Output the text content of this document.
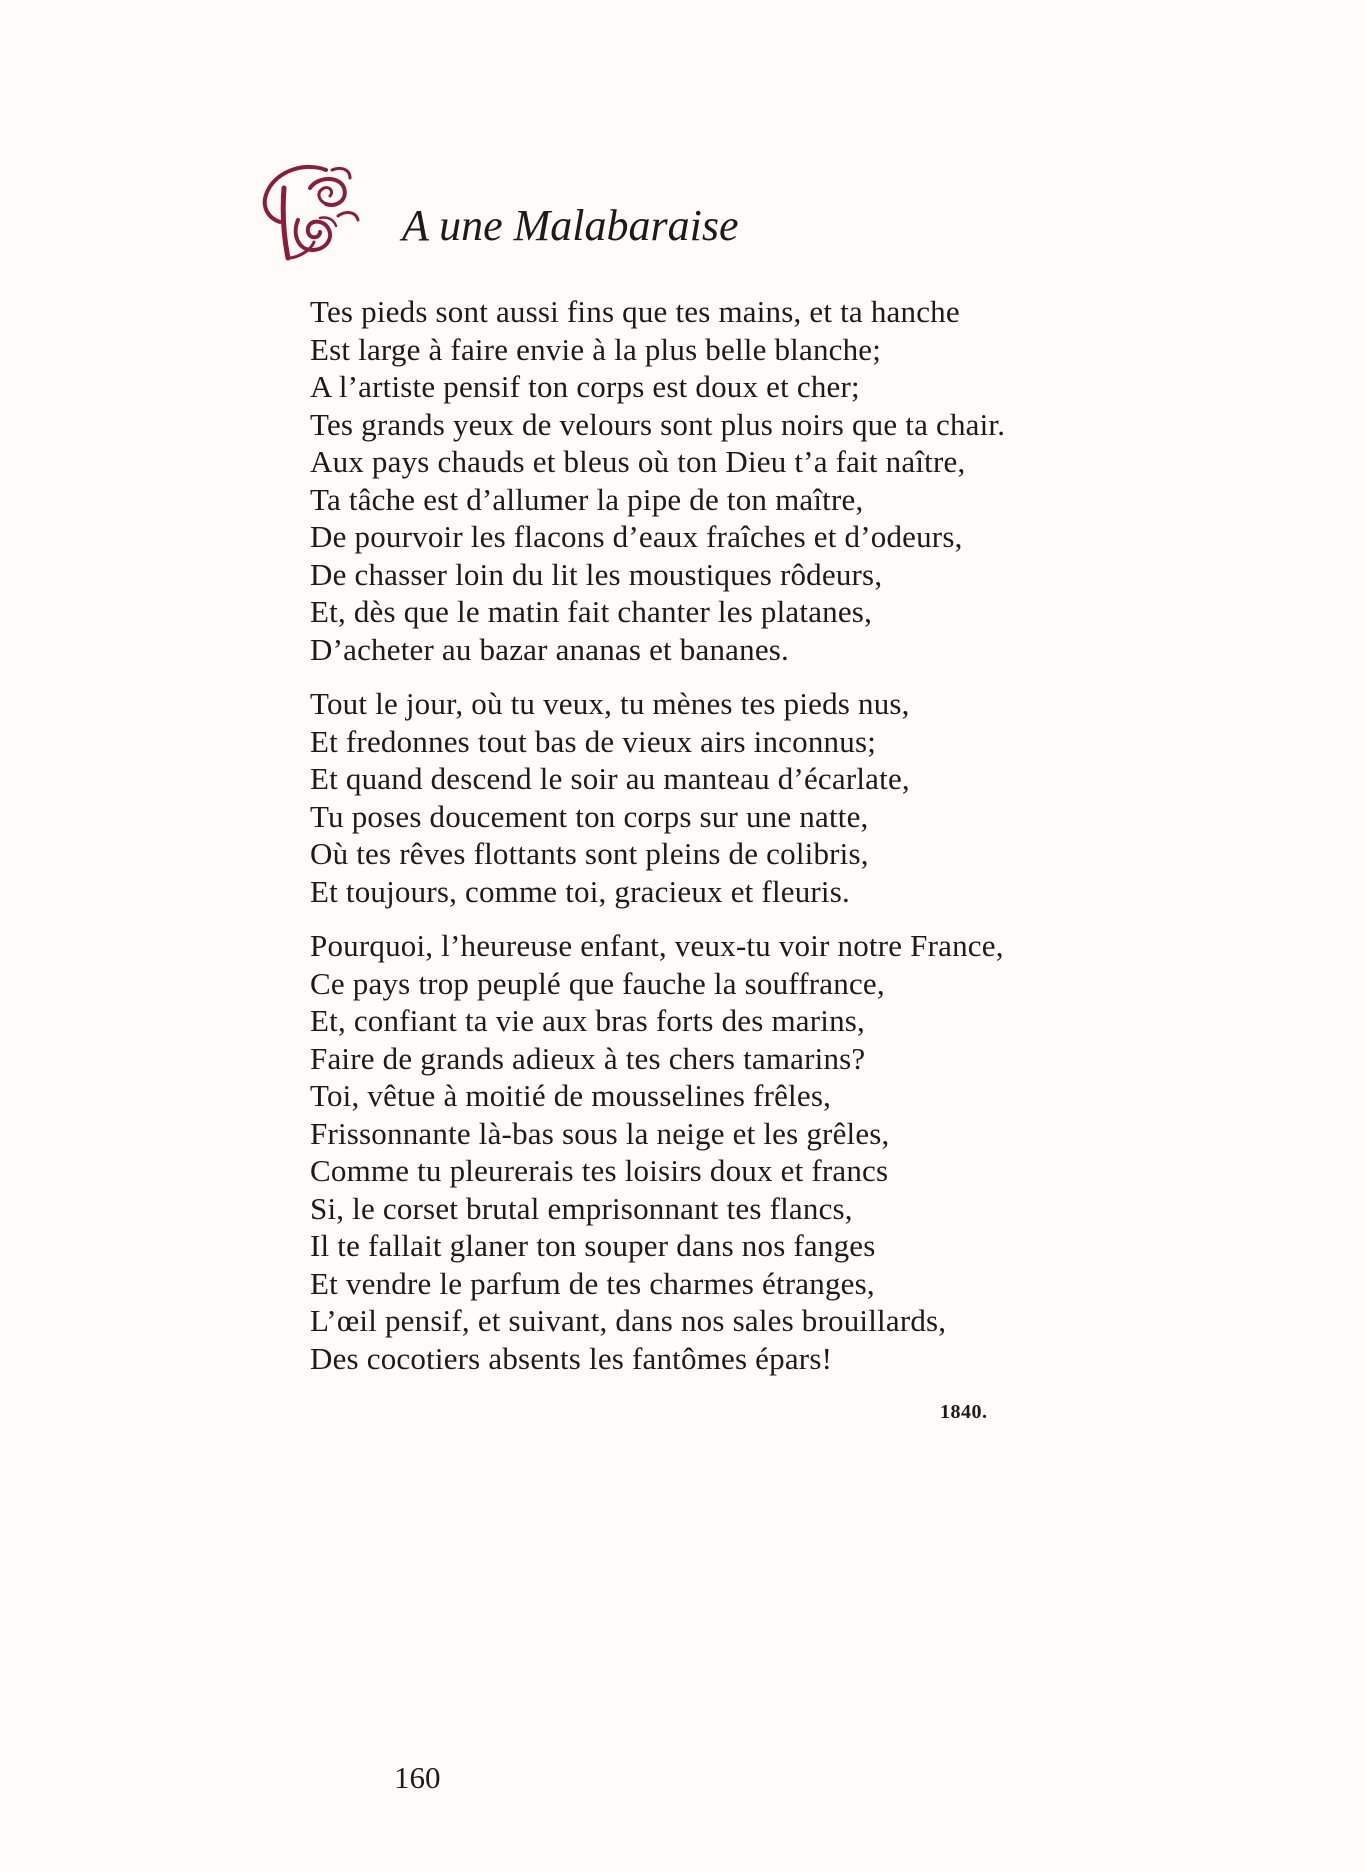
A une Malabaraise
Tes pieds sont aussi fins que tes mains, et ta hanche
Est large à faire envie à la plus belle blanche;
A l’artiste pensif ton corps est doux et cher;
Tes grands yeux de velours sont plus noirs que ta chair.
Aux pays chauds et bleus où ton Dieu t’a fait naître,
Ta tâche est d’allumer la pipe de ton maître,
De pourvoir les flacons d’eaux fraîches et d’odeurs,
De chasser loin du lit les moustiques rôdeurs,
Et, dès que le matin fait chanter les platanes,
D’acheter au bazar ananas et bananes.
Tout le jour, où tu veux, tu mènes tes pieds nus,
Et fredonnes tout bas de vieux airs inconnus;
Et quand descend le soir au manteau d’écarlate,
Tu poses doucement ton corps sur une natte,
Où tes rêves flottants sont pleins de colibris,
Et toujours, comme toi, gracieux et fleuris.
Pourquoi, l’heureuse enfant, veux-tu voir notre France,
Ce pays trop peuplé que fauche la souffrance,
Et, confiant ta vie aux bras forts des marins,
Faire de grands adieux à tes chers tamarins?
Toi, vêtue à moitié de mousselines frêles,
Frissonnante là-bas sous la neige et les grêles,
Comme tu pleurerais tes loisirs doux et francs
Si, le corset brutal emprisonnant tes flancs,
Il te fallait glaner ton souper dans nos fanges
Et vendre le parfum de tes charmes étranges,
L’œil pensif, et suivant, dans nos sales brouillards,
Des cocotiers absents les fantômes épars!
1840.
160
